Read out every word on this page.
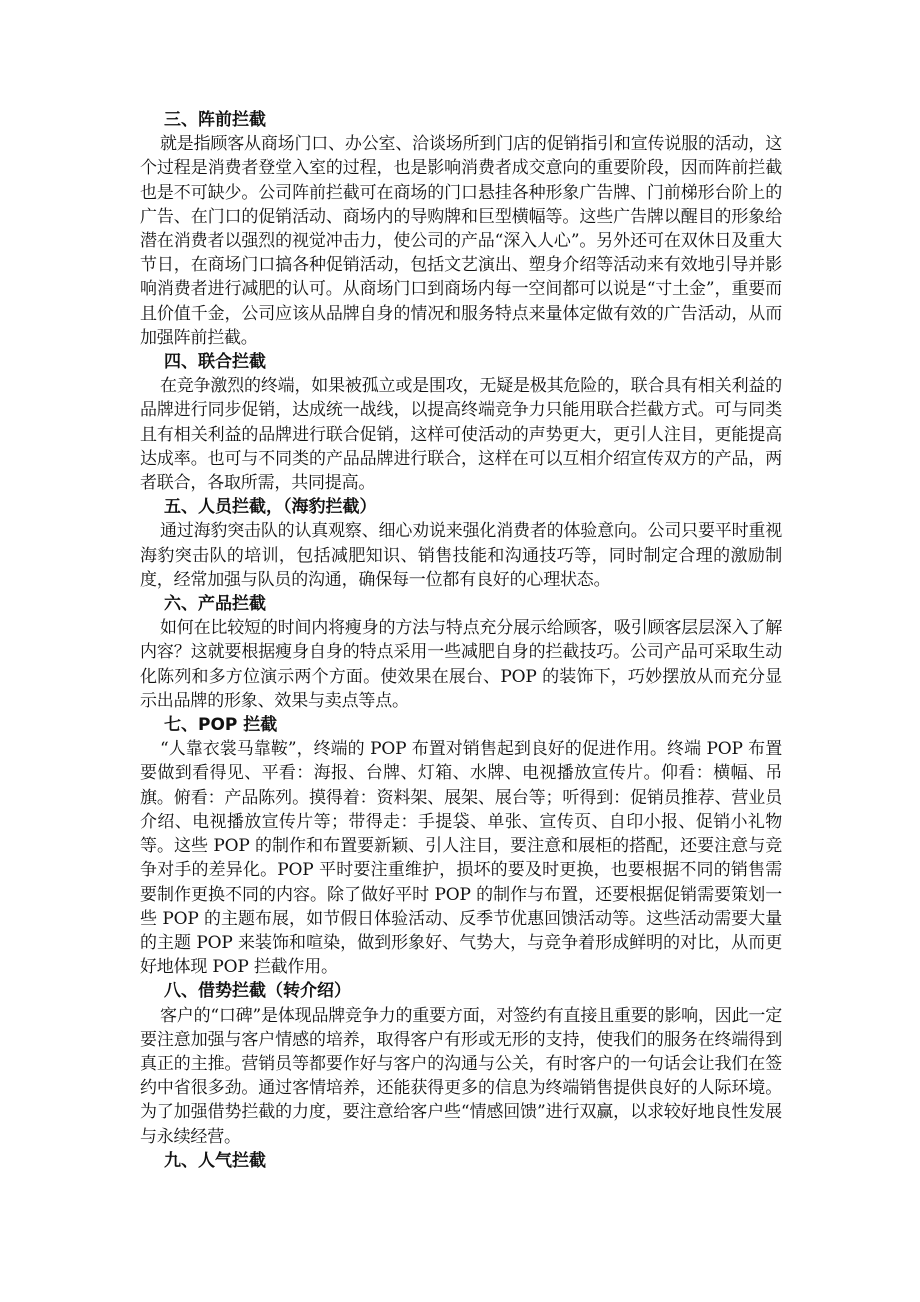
三、阵前拦截

就是指顾客从商场门口、办公室、洽谈场所到门店的促销指引和宣传说服的活动，这个过程是消费者登堂入室的过程，也是影响消费者成交意向的重要阶段，因而阵前拦截也是不可缺少。公司阵前拦截可在商场的门口悬挂各种形象广告牌、门前梯形台阶上的广告、在门口的促销活动、商场内的导购牌和巨型横幅等。这些广告牌以醒目的形象给潜在消费者以强烈的视觉冲击力，使公司的产品“深入人心”。另外还可在双休日及重大节日，在商场门口搞各种促销活动，包括文艺演出、塑身介绍等活动来有效地引导并影响消费者进行减肥的认可。从商场门口到商场内每一空间都可以说是“寸土金”，重要而且价值千金，公司应该从品牌自身的情况和服务特点来量体定做有效的广告活动，从而加强阵前拦截。

四、联合拦截

在竞争激烈的终端，如果被孤立或是围攻，无疑是极其危险的，联合具有相关利益的品牌进行同步促销，达成统一战线，以提高终端竞争力只能用联合拦截方式。可与同类且有相关利益的品牌进行联合促销，这样可使活动的声势更大，更引人注目，更能提高达成率。也可与不同类的产品品牌进行联合，这样在可以互相介绍宣传双方的产品，两者联合，各取所需，共同提高。

五、人员拦截，（海豹拦截）

通过海豹突击队的认真观察、细心劝说来强化消费者的体验意向。公司只要平时重视海豹突击队的培训，包括减肥知识、销售技能和沟通技巧等，同时制定合理的激励制度，经常加强与队员的沟通，确保每一位都有良好的心理状态。

六、产品拦截

如何在比较短的时间内将瘦身的方法与特点充分展示给顾客，吸引顾客层层深入了解内容？这就要根据瘦身自身的特点采用一些减肥自身的拦截技巧。公司产品可采取生动化陈列和多方位演示两个方面。使效果在展台、POP 的装饰下，巧妙摆放从而充分显示出品牌的形象、效果与卖点等点。

七、POP 拦截

“人靠衣裳马靠鞍”，终端的 POP 布置对销售起到良好的促进作用。终端 POP 布置要做到看得见、平看：海报、台牌、灯箱、水牌、电视播放宣传片。仰看：横幅、吊旗。俯看：产品陈列。摸得着：资料架、展架、展台等；听得到：促销员推荐、营业员介绍、电视播放宣传片等；带得走：手提袋、单张、宣传页、自印小报、促销小礼物等。这些 POP 的制作和布置要新颖、引人注目，要注意和展柜的搭配，还要注意与竞争对手的差异化。POP 平时要注重维护，损坏的要及时更换，也要根据不同的销售需要制作更换不同的内容。除了做好平时 POP 的制作与布置，还要根据促销需要策划一些 POP 的主题布展，如节假日体验活动、反季节优惠回馈活动等。这些活动需要大量的主题 POP 来装饰和喧染，做到形象好、气势大，与竞争着形成鲜明的对比，从而更好地体现 POP 拦截作用。

八、借势拦截（转介绍）

客户的“口碑”是体现品牌竞争力的重要方面，对签约有直接且重要的影响，因此一定要注意加强与客户情感的培养，取得客户有形或无形的支持，使我们的服务在终端得到真正的主推。营销员等都要作好与客户的沟通与公关，有时客户的一句话会让我们在签约中省很多劲。通过客情培养，还能获得更多的信息为终端销售提供良好的人际环境。为了加强借势拦截的力度，要注意给客户些“情感回馈”进行双赢，以求较好地良性发展与永续经营。

九、人气拦截
